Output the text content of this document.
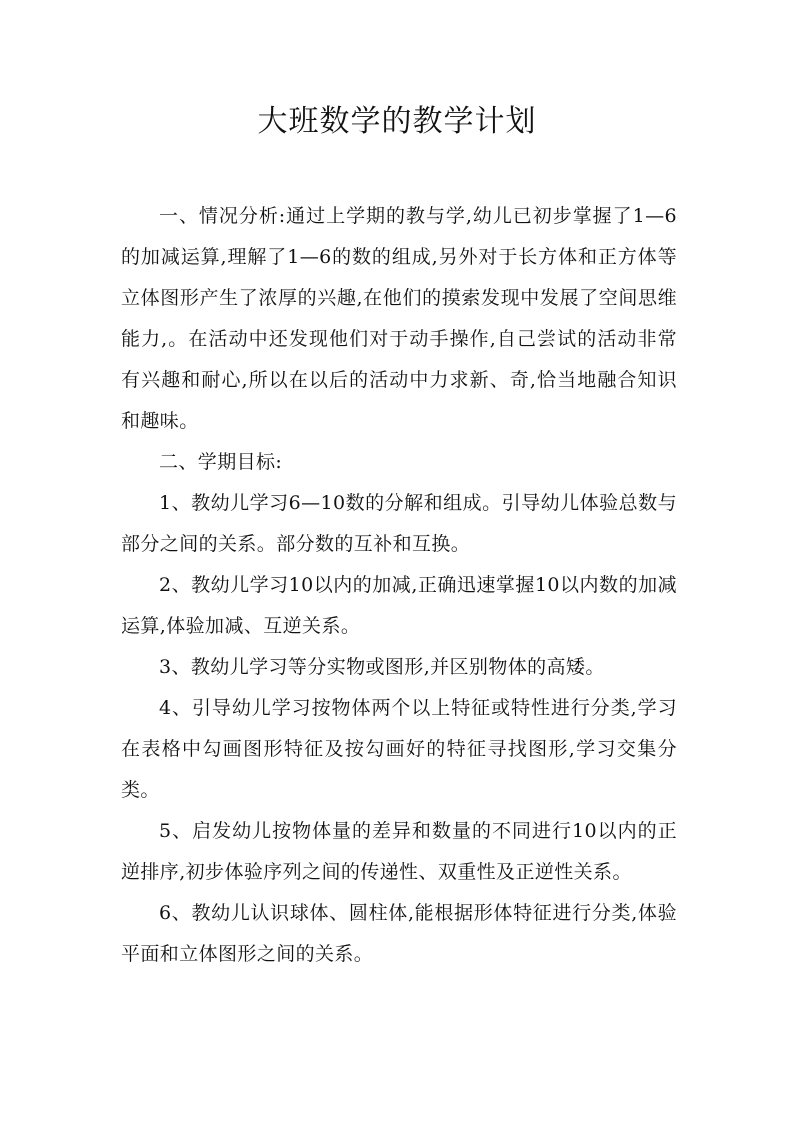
大班数学的教学计划

一、情况分析:通过上学期的教与学,幼儿已初步掌握了1—6的加减运算,理解了1—6的数的组成,另外对于长方体和正方体等立体图形产生了浓厚的兴趣,在他们的摸索发现中发展了空间思维能力,。在活动中还发现他们对于动手操作,自己尝试的活动非常有兴趣和耐心,所以在以后的活动中力求新、奇,恰当地融合知识和趣味。

二、学期目标:

1、教幼儿学习6—10数的分解和组成。引导幼儿体验总数与部分之间的关系。部分数的互补和互换。

2、教幼儿学习10以内的加减,正确迅速掌握10以内数的加减运算,体验加减、互逆关系。

3、教幼儿学习等分实物或图形,并区别物体的高矮。

4、引导幼儿学习按物体两个以上特征或特性进行分类,学习在表格中勾画图形特征及按勾画好的特征寻找图形,学习交集分类。

5、启发幼儿按物体量的差异和数量的不同进行10以内的正逆排序,初步体验序列之间的传递性、双重性及正逆性关系。

6、教幼儿认识球体、圆柱体,能根据形体特征进行分类,体验平面和立体图形之间的关系。
